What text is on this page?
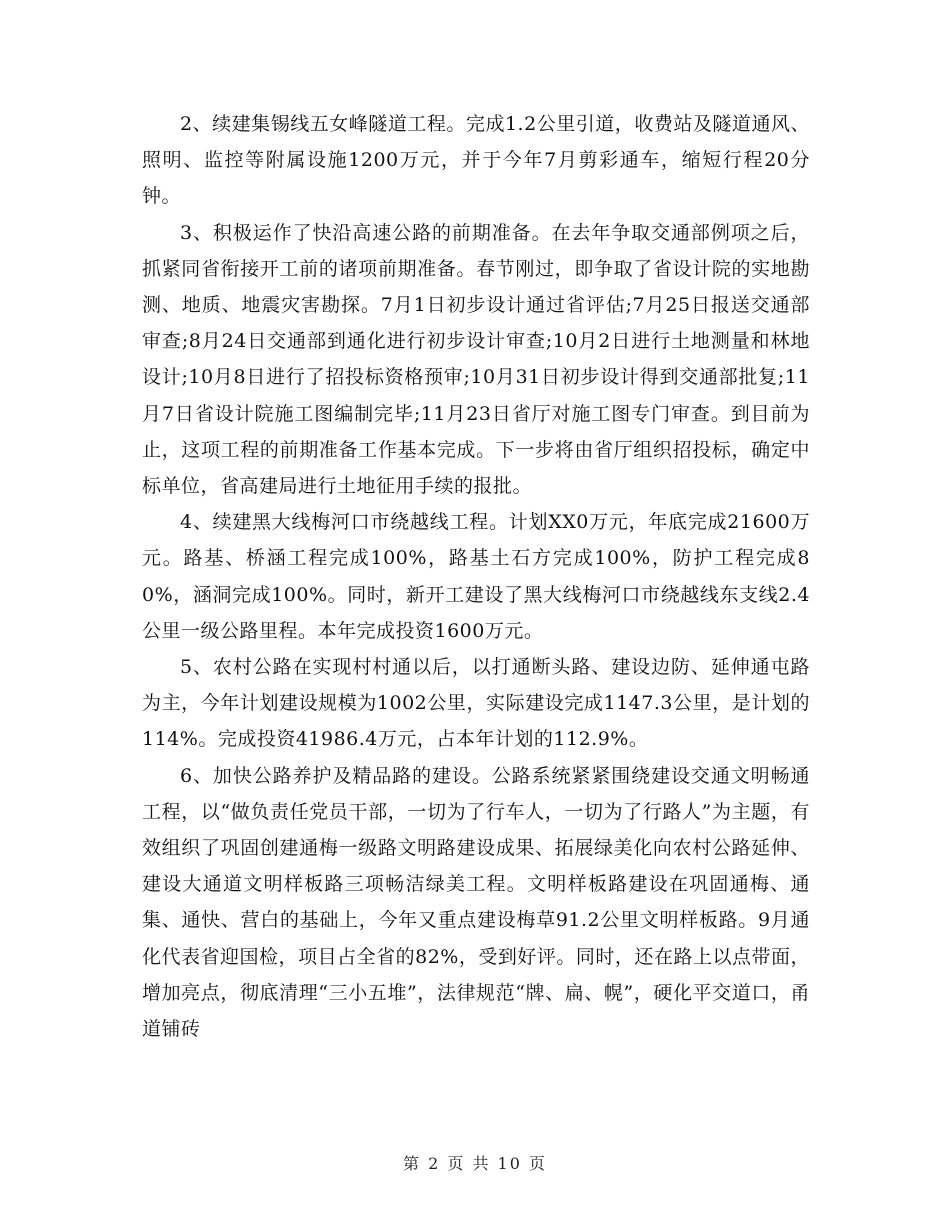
2、续建集锡线五女峰隧道工程。完成1.2公里引道，收费站及隧道通风、照明、监控等附属设施1200万元，并于今年7月剪彩通车，缩短行程20分钟。

3、积极运作了快沿高速公路的前期准备。在去年争取交通部例项之后，抓紧同省衔接开工前的诸项前期准备。春节刚过，即争取了省设计院的实地勘测、地质、地震灾害勘探。7月1日初步设计通过省评估;7月25日报送交通部审查;8月24日交通部到通化进行初步设计审查;10月2日进行土地测量和林地设计;10月8日进行了招投标资格预审;10月31日初步设计得到交通部批复;11月7日省设计院施工图编制完毕;11月23日省厅对施工图专门审查。到目前为止，这项工程的前期准备工作基本完成。下一步将由省厅组织招投标，确定中标单位，省高建局进行土地征用手续的报批。

4、续建黑大线梅河口市绕越线工程。计划XX0万元，年底完成21600万元。路基、桥涵工程完成100%，路基土石方完成100%，防护工程完成80%，涵洞完成100%。同时，新开工建设了黑大线梅河口市绕越线东支线2.4公里一级公路里程。本年完成投资1600万元。

5、农村公路在实现村村通以后，以打通断头路、建设边防、延伸通屯路为主，今年计划建设规模为1002公里，实际建设完成1147.3公里，是计划的114%。完成投资41986.4万元，占本年计划的112.9%。

6、加快公路养护及精品路的建设。公路系统紧紧围绕建设交通文明畅通工程，以“做负责任党员干部，一切为了行车人，一切为了行路人”为主题，有效组织了巩固创建通梅一级路文明路建设成果、拓展绿美化向农村公路延伸、建设大通道文明样板路三项畅洁绿美工程。文明样板路建设在巩固通梅、通集、通快、营白的基础上，今年又重点建设梅草91.2公里文明样板路。9月通化代表省迎国检，项目占全省的82%，受到好评。同时，还在路上以点带面，增加亮点，彻底清理“三小五堆”，法律规范“牌、扁、幌”，硬化平交道口，甬道铺砖

第 2 页 共 10 页
